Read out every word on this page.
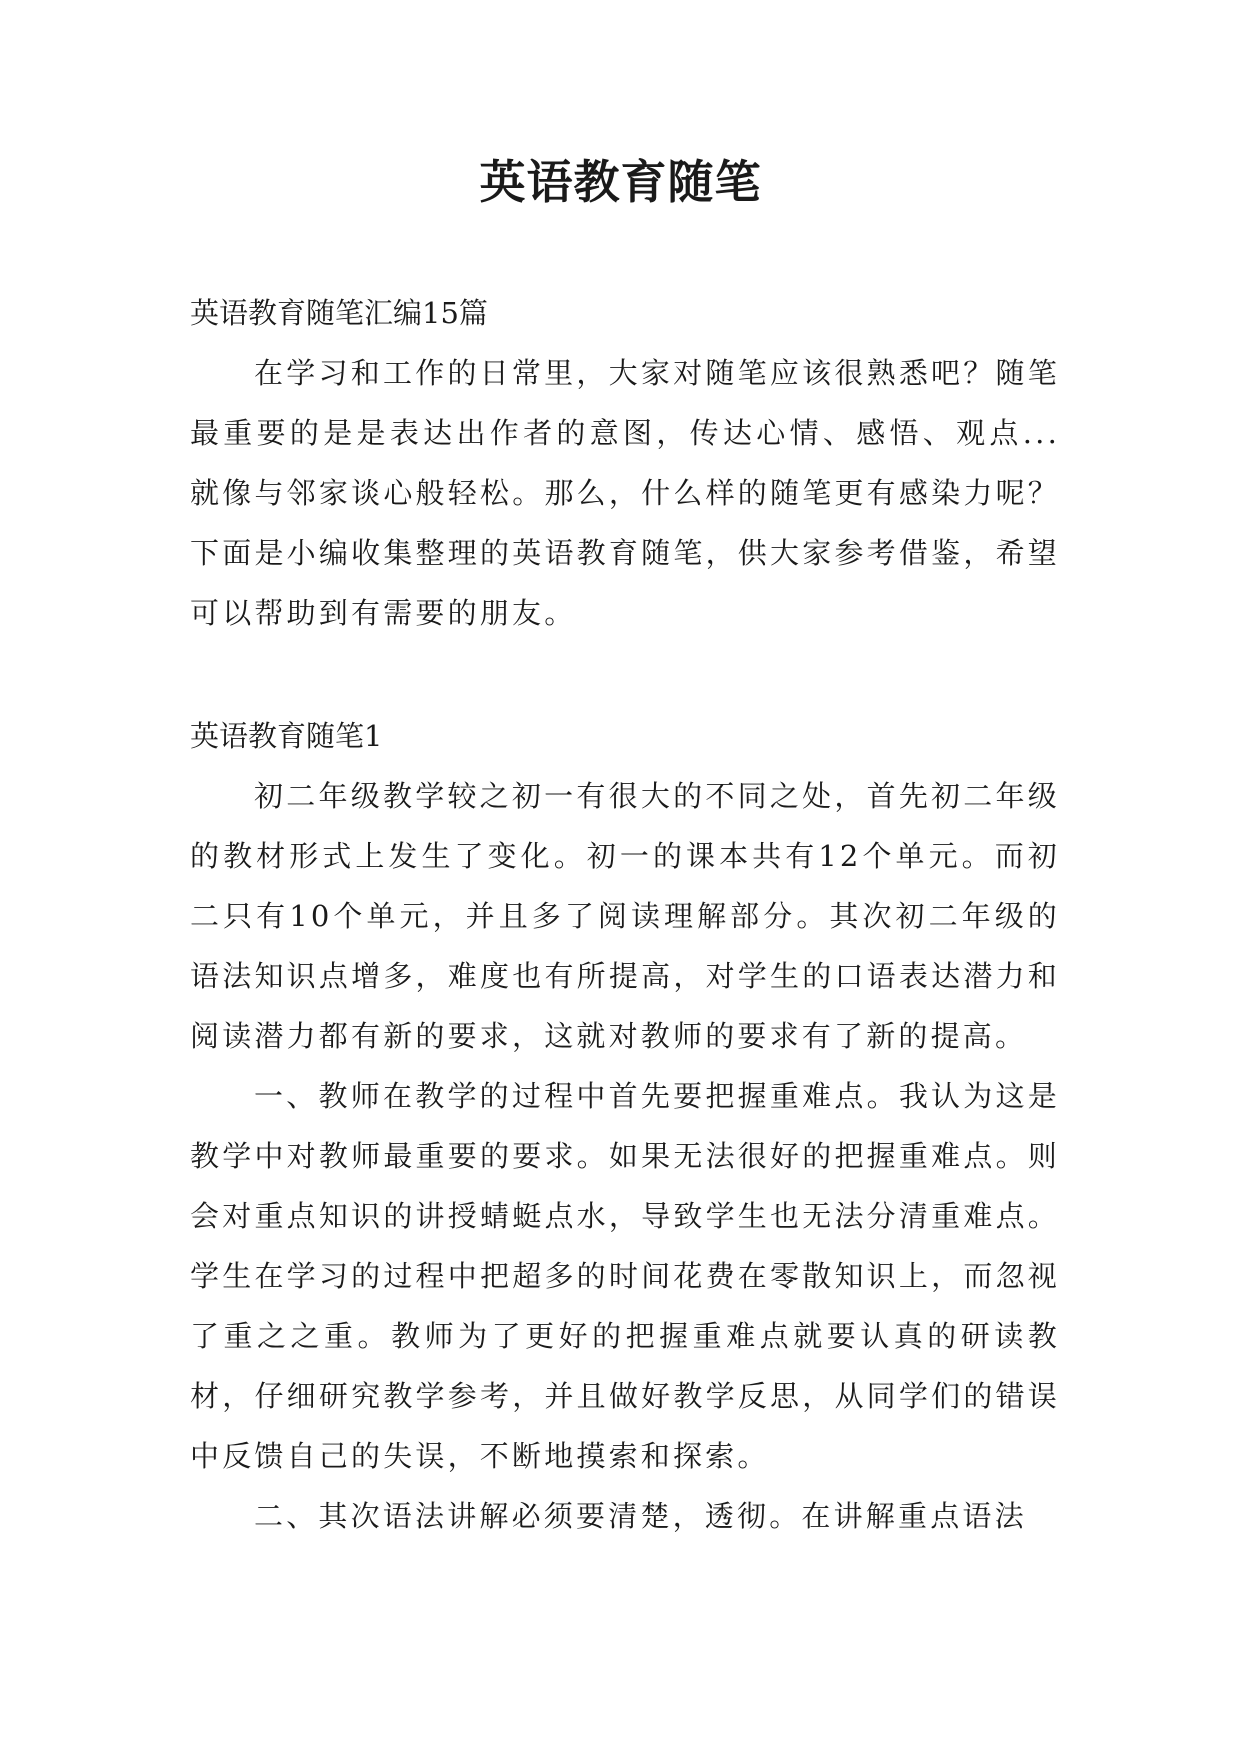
英语教育随笔

英语教育随笔汇编15篇

在学习和工作的日常里，大家对随笔应该很熟悉吧？随笔最重要的是是表达出作者的意图，传达心情、感悟、观点...就像与邻家谈心般轻松。那么，什么样的随笔更有感染力呢？下面是小编收集整理的英语教育随笔，供大家参考借鉴，希望可以帮助到有需要的朋友。

英语教育随笔1

初二年级教学较之初一有很大的不同之处，首先初二年级的教材形式上发生了变化。初一的课本共有12个单元。而初二只有10个单元，并且多了阅读理解部分。其次初二年级的语法知识点增多，难度也有所提高，对学生的口语表达潜力和阅读潜力都有新的要求，这就对教师的要求有了新的提高。

一、教师在教学的过程中首先要把握重难点。我认为这是教学中对教师最重要的要求。如果无法很好的把握重难点。则会对重点知识的讲授蜻蜓点水，导致学生也无法分清重难点。学生在学习的过程中把超多的时间花费在零散知识上，而忽视了重之之重。教师为了更好的把握重难点就要认真的研读教材，仔细研究教学参考，并且做好教学反思，从同学们的错误中反馈自己的失误，不断地摸索和探索。

二、其次语法讲解必须要清楚，透彻。在讲解重点语法
